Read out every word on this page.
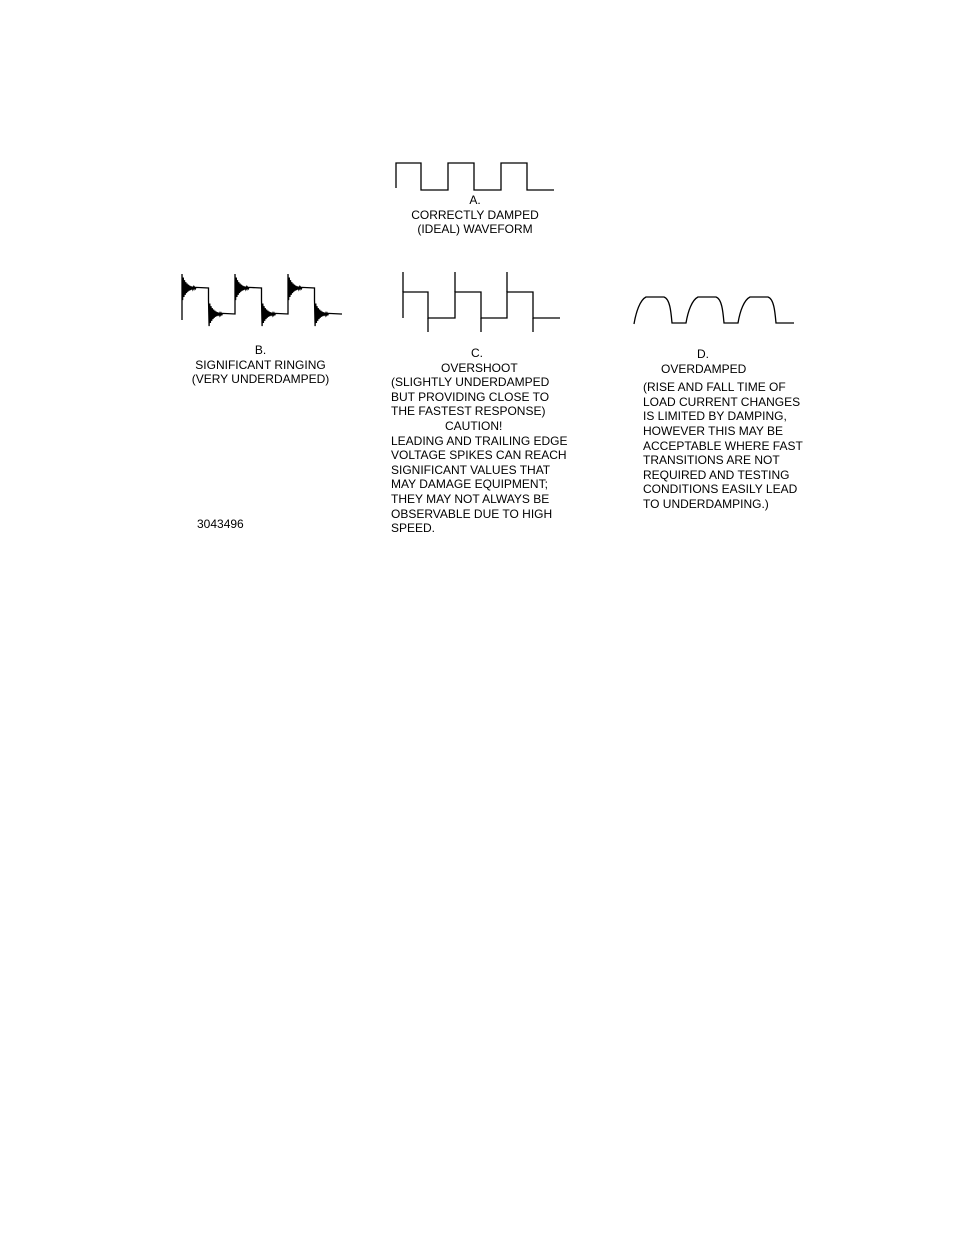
A.
CORRECTLY DAMPED
(IDEAL) WAVEFORM
B.
SIGNIFICANT RINGING
(VERY UNDERDAMPED)
C.
OVERSHOOT
(SLIGHTLY UNDERDAMPED
BUT PROVIDING CLOSE TO
THE FASTEST RESPONSE)
CAUTION!
LEADING AND TRAILING EDGE
VOLTAGE SPIKES CAN REACH
SIGNIFICANT VALUES THAT
MAY DAMAGE EQUIPMENT;
THEY MAY NOT ALWAYS BE
OBSERVABLE DUE TO HIGH
SPEED.
D.
OVERDAMPED
(RISE AND FALL TIME OF
LOAD CURRENT CHANGES
IS LIMITED BY DAMPING,
HOWEVER THIS MAY BE
ACCEPTABLE WHERE FAST
TRANSITIONS ARE NOT
REQUIRED AND TESTING
CONDITIONS EASILY LEAD
TO UNDERDAMPING.)
3043496
